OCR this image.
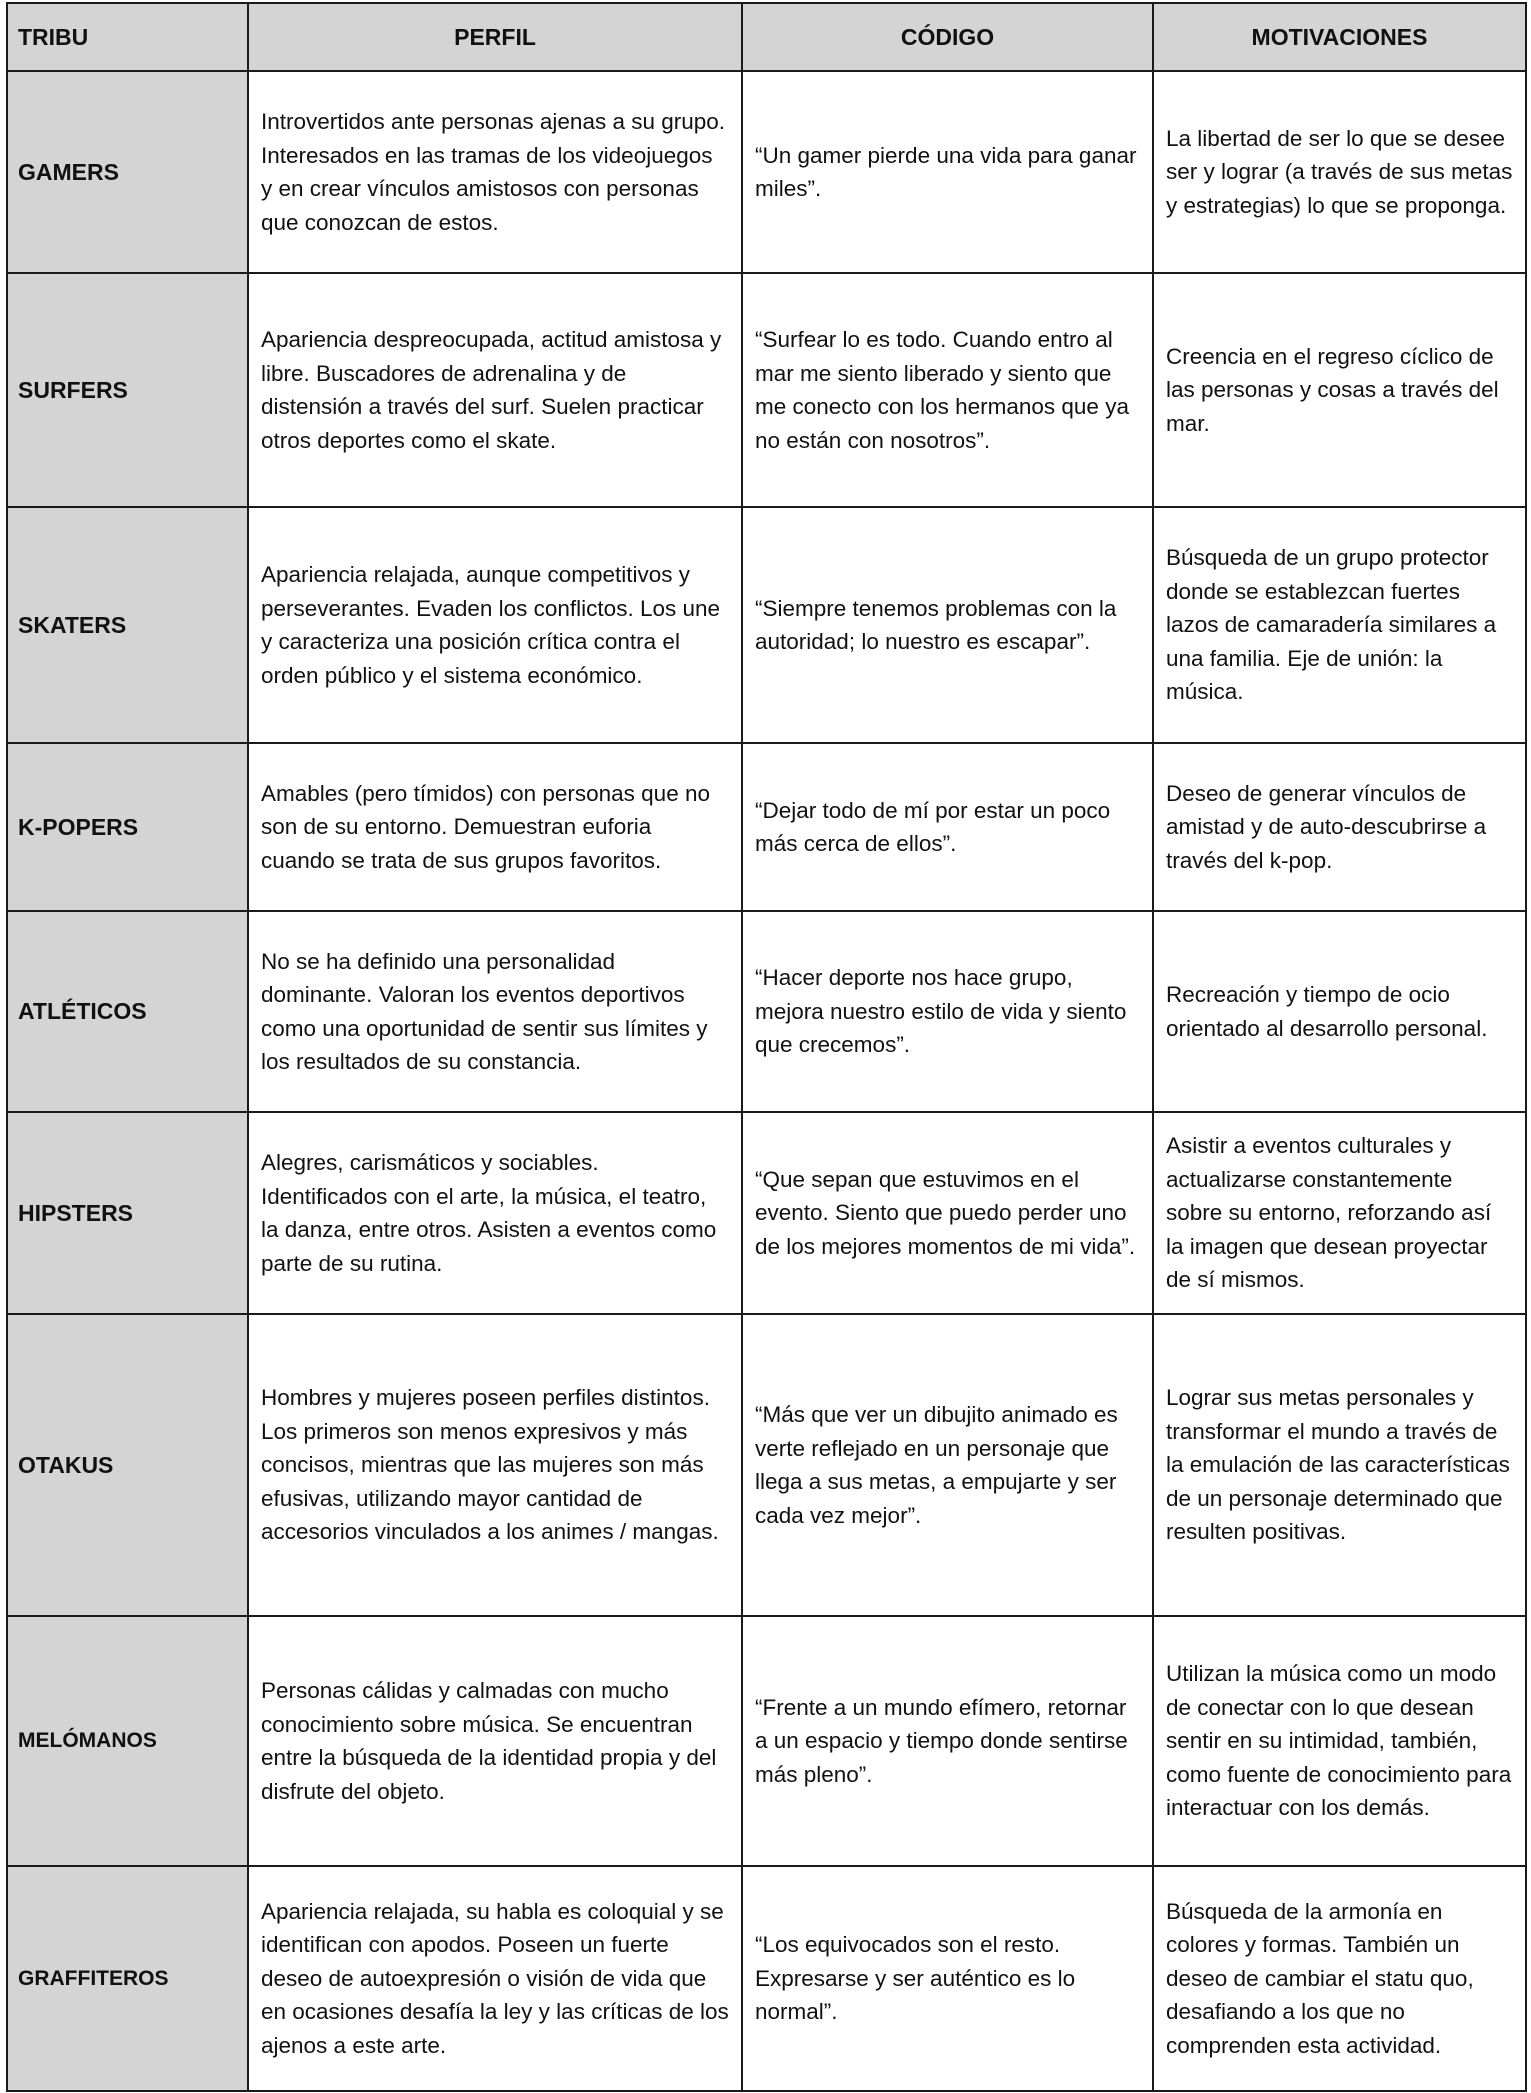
TRIBU	PERFIL	CÓDIGO	MOTIVACIONES
GAMERS	Introvertidos ante personas ajenas a su grupo. Interesados en las tramas de los videojuegos y en crear vínculos amistosos con personas que conozcan de estos.	“Un gamer pierde una vida para ganar miles”.	La libertad de ser lo que se desee ser y lograr (a través de sus metas y estrategias) lo que se proponga.
SURFERS	Apariencia despreocupada, actitud amistosa y libre. Buscadores de adrenalina y de distensión a través del surf. Suelen practicar otros deportes como el skate.	“Surfear lo es todo. Cuando entro al mar me siento liberado y siento que me conecto con los hermanos que ya no están con nosotros”.	Creencia en el regreso cíclico de las personas y cosas a través del mar.
SKATERS	Apariencia relajada, aunque competitivos y perseverantes. Evaden los conflictos. Los une y caracteriza una posición crítica contra el orden público y el sistema económico.	“Siempre tenemos problemas con la autoridad; lo nuestro es escapar”.	Búsqueda de un grupo protector donde se establezcan fuertes lazos de camaradería similares a una familia. Eje de unión: la música.
K-POPERS	Amables (pero tímidos) con personas que no son de su entorno. Demuestran euforia cuando se trata de sus grupos favoritos.	“Dejar todo de mí por estar un poco más cerca de ellos”.	Deseo de generar vínculos de amistad y de auto-descubrirse a través del k-pop.
ATLÉTICOS	No se ha definido una personalidad dominante. Valoran los eventos deportivos como una oportunidad de sentir sus límites y los resultados de su constancia.	“Hacer deporte nos hace grupo, mejora nuestro estilo de vida y siento que crecemos”.	Recreación y tiempo de ocio orientado al desarrollo personal.
HIPSTERS	Alegres, carismáticos y sociables. Identificados con el arte, la música, el teatro, la danza, entre otros. Asisten a eventos como parte de su rutina.	“Que sepan que estuvimos en el evento. Siento que puedo perder uno de los mejores momentos de mi vida”.	Asistir a eventos culturales y actualizarse constantemente sobre su entorno, reforzando así la imagen que desean proyectar de sí mismos.
OTAKUS	Hombres y mujeres poseen perfiles distintos. Los primeros son menos expresivos y más concisos, mientras que las mujeres son más efusivas, utilizando mayor cantidad de accesorios vinculados a los animes / mangas.	“Más que ver un dibujito animado es verte reflejado en un personaje que llega a sus metas, a empujarte y ser cada vez mejor”.	Lograr sus metas personales y transformar el mundo a través de la emulación de las características de un personaje determinado que resulten positivas.
MELÓMANOS	Personas cálidas y calmadas con mucho conocimiento sobre música. Se encuentran entre la búsqueda de la identidad propia y del disfrute del objeto.	“Frente a un mundo efímero, retornar a un espacio y tiempo donde sentirse más pleno”.	Utilizan la música como un modo de conectar con lo que desean sentir en su intimidad, también, como fuente de conocimiento para interactuar con los demás.
GRAFFITEROS	Apariencia relajada, su habla es coloquial y se identifican con apodos. Poseen un fuerte deseo de autoexpresión o visión de vida que en ocasiones desafía la ley y las críticas de los ajenos a este arte.	“Los equivocados son el resto. Expresarse y ser auténtico es lo normal”.	Búsqueda de la armonía en colores y formas. También un deseo de cambiar el statu quo, desafiando a los que no comprenden esta actividad.
